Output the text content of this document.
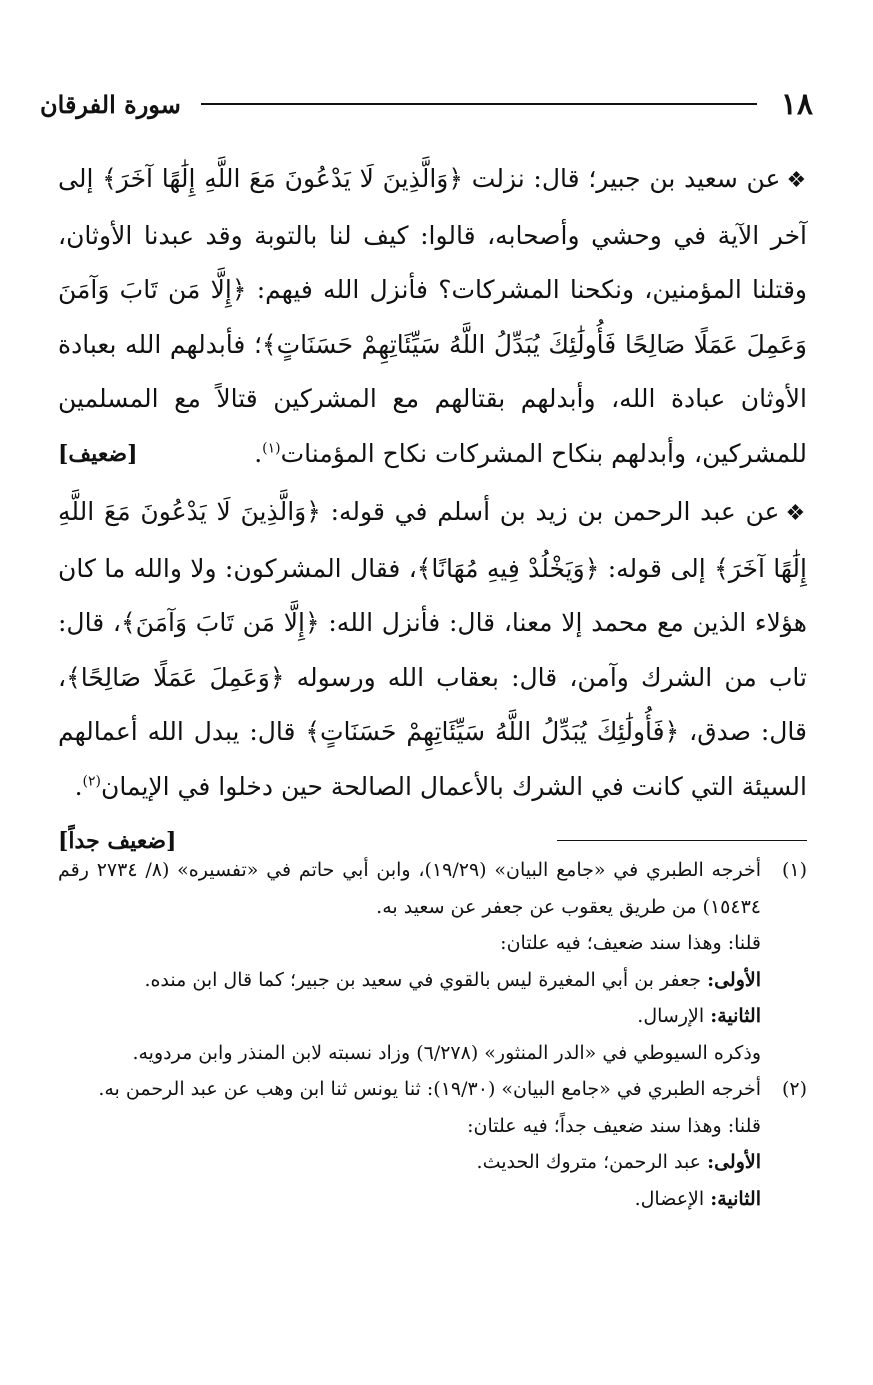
١٨
سورة الفرقان

❖عن سعيد بن جبير؛ قال: نزلت ﴿وَالَّذِينَ لَا يَدْعُونَ مَعَ اللَّهِ إِلَٰهًا آخَرَ﴾ إلى آخر الآية في وحشي وأصحابه، قالوا: كيف لنا بالتوبة وقد عبدنا الأوثان، وقتلنا المؤمنين، ونكحنا المشركات؟ فأنزل الله فيهم: ﴿إِلَّا مَن تَابَ وَآمَنَ وَعَمِلَ عَمَلًا صَالِحًا فَأُولَٰئِكَ يُبَدِّلُ اللَّهُ سَيِّئَاتِهِمْ حَسَنَاتٍ﴾؛ فأبدلهم الله بعبادة الأوثان عبادة الله، وأبدلهم بقتالهم مع المشركين قتالاً مع المسلمين للمشركين، وأبدلهم بنكاح المشركات نكاح المؤمنات$^{(١)}$.
[ضعيف]

❖عن عبد الرحمن بن زيد بن أسلم في قوله: ﴿وَالَّذِينَ لَا يَدْعُونَ مَعَ اللَّهِ إِلَٰهًا آخَرَ﴾ إلى قوله: ﴿وَيَخْلُدْ فِيهِ مُهَانًا﴾، فقال المشركون: ولا والله ما كان هؤلاء الذين مع محمد إلا معنا، قال: فأنزل الله: ﴿إِلَّا مَن تَابَ وَآمَنَ﴾، قال: تاب من الشرك وآمن، قال: بعقاب الله ورسوله ﴿وَعَمِلَ عَمَلًا صَالِحًا﴾، قال: صدق، ﴿فَأُولَٰئِكَ يُبَدِّلُ اللَّهُ سَيِّئَاتِهِمْ حَسَنَاتٍ﴾ قال: يبدل الله أعمالهم السيئة التي كانت في الشرك بالأعمال الصالحة حين دخلوا في الإيمان$^{(٢)}$.
[ضعيف جداً]

(١)

أخرجه الطبري في «جامع البيان» (١٩/٢٩)، وابن أبي حاتم في «تفسيره» (٨/ ٢٧٣٤ رقم ١٥٤٣٤) من طريق يعقوب عن جعفر عن سعيد به.

قلنا: وهذا سند ضعيف؛ فيه علتان:

الأولى: جعفر بن أبي المغيرة ليس بالقوي في سعيد بن جبير؛ كما قال ابن منده.

الثانية: الإرسال.

وذكره السيوطي في «الدر المنثور» (٦/٢٧٨) وزاد نسبته لابن المنذر وابن مردويه.

(٢)

أخرجه الطبري في «جامع البيان» (١٩/٣٠): ثنا يونس ثنا ابن وهب عن عبد الرحمن به.

قلنا: وهذا سند ضعيف جداً؛ فيه علتان:

الأولى: عبد الرحمن؛ متروك الحديث.

الثانية: الإعضال.
